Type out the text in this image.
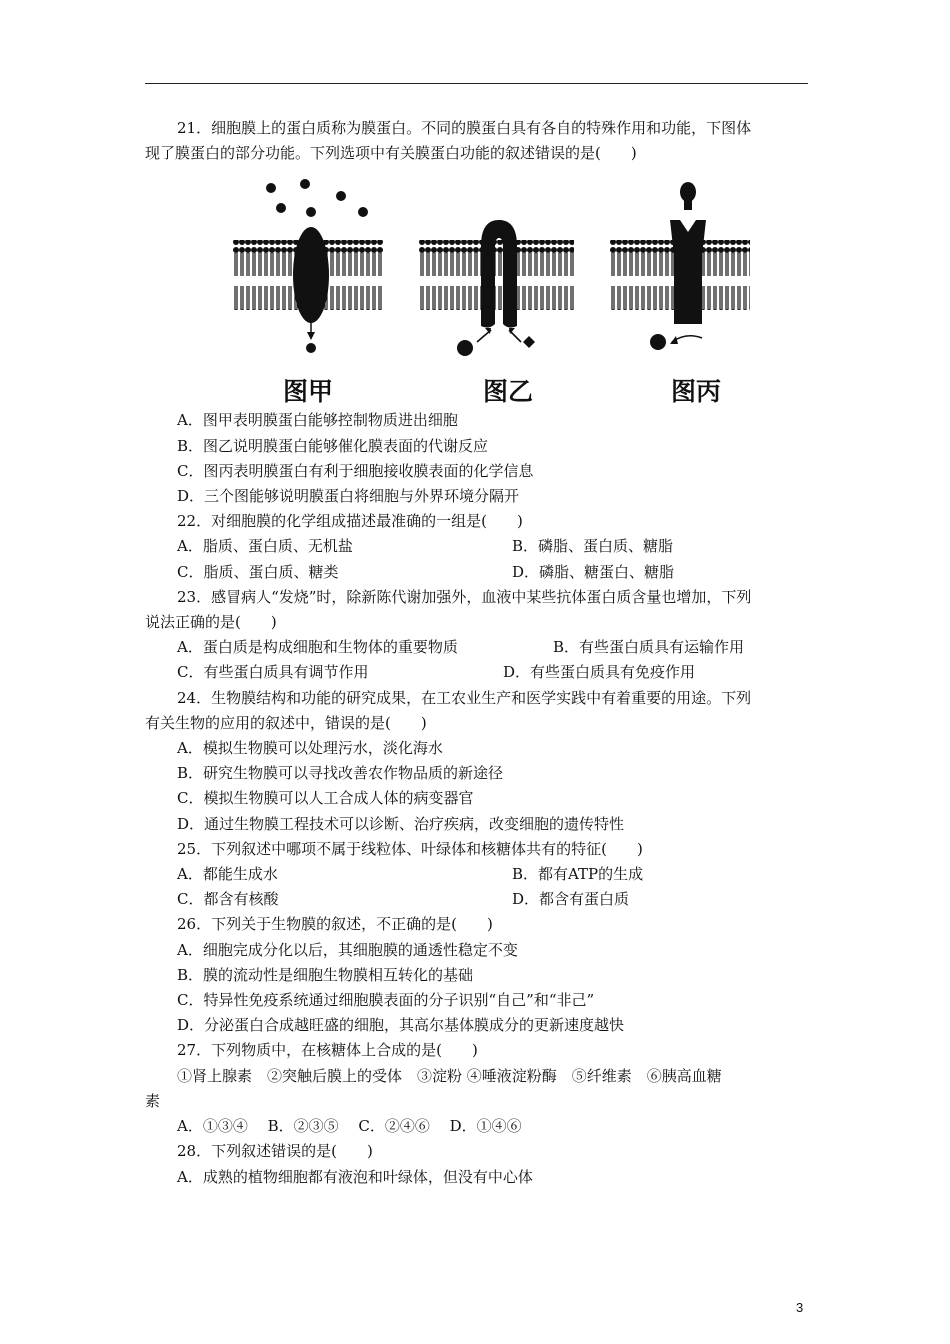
21．细胞膜上的蛋白质称为膜蛋白。不同的膜蛋白具有各自的特殊作用和功能，下图体
现了膜蛋白的部分功能。下列选项中有关膜蛋白功能的叙述错误的是(　　)
图甲	图乙	图丙
A．图甲表明膜蛋白能够控制物质进出细胞
B．图乙说明膜蛋白能够催化膜表面的代谢反应
C．图丙表明膜蛋白有利于细胞接收膜表面的化学信息
D．三个图能够说明膜蛋白将细胞与外界环境分隔开
22．对细胞膜的化学组成描述最准确的一组是(　　)
A．脂质、蛋白质、无机盐	B．磷脂、蛋白质、糖脂
C．脂质、蛋白质、糖类	D．磷脂、糖蛋白、糖脂
23．感冒病人“发烧”时，除新陈代谢加强外，血液中某些抗体蛋白质含量也增加，下列
说法正确的是(　　)
A．蛋白质是构成细胞和生物体的重要物质	B．有些蛋白质具有运输作用
C．有些蛋白质具有调节作用	D．有些蛋白质具有免疫作用
24．生物膜结构和功能的研究成果，在工农业生产和医学实践中有着重要的用途。下列
有关生物的应用的叙述中，错误的是(　　)
A．模拟生物膜可以处理污水，淡化海水
B．研究生物膜可以寻找改善农作物品质的新途径
C．模拟生物膜可以人工合成人体的病变器官
D．通过生物膜工程技术可以诊断、治疗疾病，改变细胞的遗传特性
25．下列叙述中哪项不属于线粒体、叶绿体和核糖体共有的特征(　　)
A．都能生成水	B．都有ATP的生成
C．都含有核酸	D．都含有蛋白质
26．下列关于生物膜的叙述，不正确的是(　　)
A．细胞完成分化以后，其细胞膜的通透性稳定不变
B．膜的流动性是细胞生物膜相互转化的基础
C．特异性免疫系统通过细胞膜表面的分子识别“自己”和“非己”
D．分泌蛋白合成越旺盛的细胞，其高尔基体膜成分的更新速度越快
27．下列物质中，在核糖体上合成的是(　　)
①肾上腺素　②突触后膜上的受体　③淀粉 ④唾液淀粉酶　⑤纤维素　⑥胰高血糖
素
A．①③④　 B．②③⑤　 C．②④⑥　 D．①④⑥
28．下列叙述错误的是(　　)
A．成熟的植物细胞都有液泡和叶绿体，但没有中心体
3
